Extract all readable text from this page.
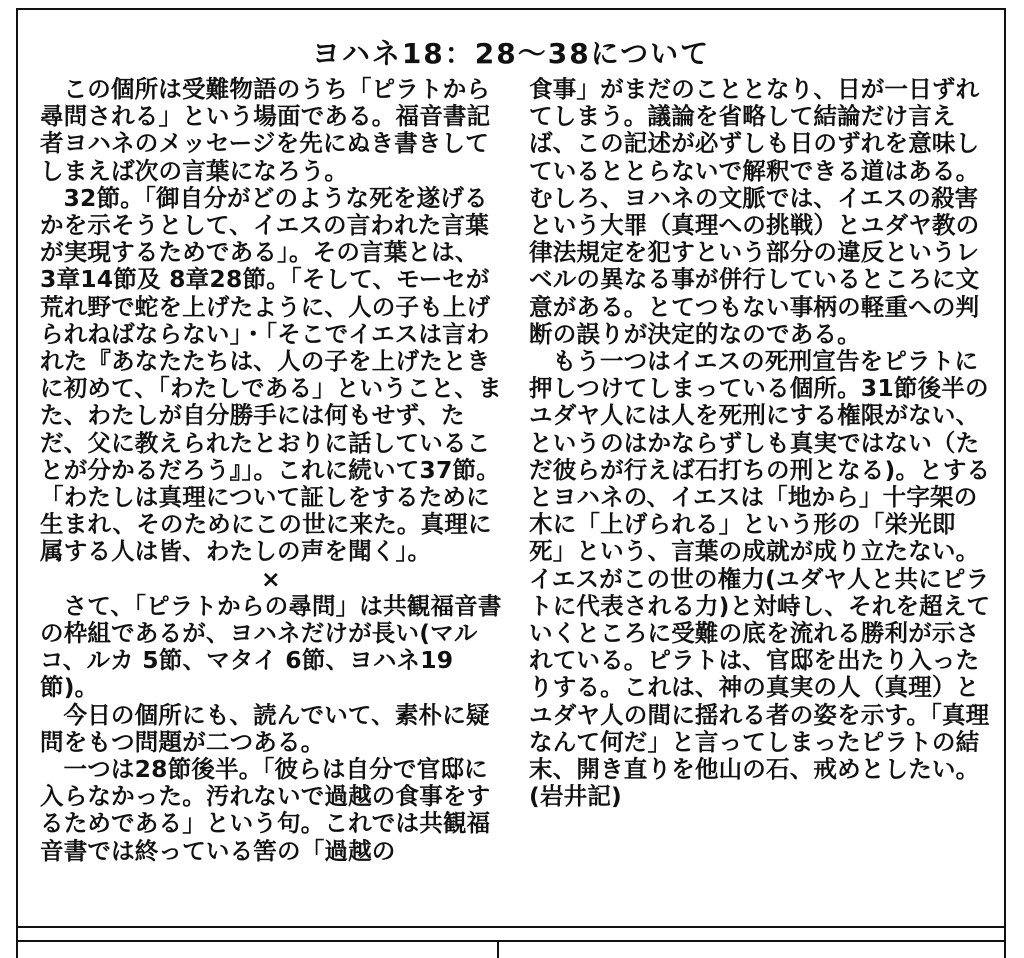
ヨハネ18：28～38について

この個所は受難物語のうち「ピラトから尋問される」という場面である。福音書記者ヨハネのメッセージを先にぬき書きしてしまえば次の言葉になろう。

32節。「御自分がどのような死を遂げるかを示そうとして、イエスの言われた言葉が実現するためである」。その言葉とは、 3章14節及 8章28節。「そして、モーセが荒れ野で蛇を上げたように、人の子も上げられねばならない」・「そこでイエスは言われた『あなたたちは、人の子を上げたときに初めて、「わたしである」ということ、また、わたしが自分勝手には何もせず、ただ、父に教えられたとおりに話していることが分かるだろう』」。これに続いて37節。「わたしは真理について証しをするために生まれ、そのためにこの世に来た。真理に属する人は皆、わたしの声を聞く」。

×

さて、「ピラトからの尋問」は共観福音書の枠組であるが、ヨハネだけが長い(マルコ、ルカ 5節、マタイ 6節、ヨハネ19節)。

今日の個所にも、読んでいて、素朴に疑問をもつ問題が二つある。

一つは28節後半。「彼らは自分で官邸に入らなかった。汚れないで過越の食事をするためである」という句。これでは共観福音書では終っている筈の「過越の

食事」がまだのこととなり、日が一日ずれてしまう。議論を省略して結論だけ言えば、この記述が必ずしも日のずれを意味しているととらないで解釈できる道はある。むしろ、ヨハネの文脈では、イエスの殺害という大罪（真理への挑戦）とユダヤ教の律法規定を犯すという部分の違反というレベルの異なる事が併行しているところに文意がある。とてつもない事柄の軽重への判断の誤りが決定的なのである。

もう一つはイエスの死刑宣告をピラトに押しつけてしまっている個所。31節後半のユダヤ人には人を死刑にする権限がない、というのはかならずしも真実ではない（ただ彼らが行えば石打ちの刑となる)。とするとヨハネの、イエスは「地から」十字架の木に「上げられる」という形の「栄光即死」という、言葉の成就が成り立たない。イエスがこの世の権力(ユダヤ人と共にピラトに代表される力)と対峙し、それを超えていくところに受難の底を流れる勝利が示されている。ピラトは、官邸を出たり入ったりする。これは、神の真実の人（真理）とユダヤ人の間に揺れる者の姿を示す。「真理なんて何だ」と言ってしまったピラトの結末、開き直りを他山の石、戒めとしたい。

(岩井記)
